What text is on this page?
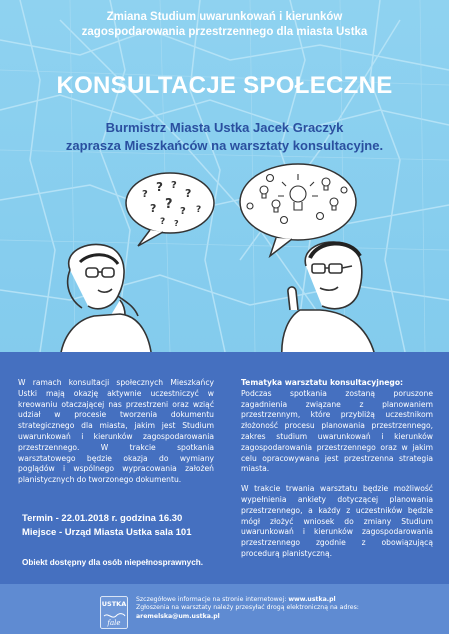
Zmiana Studium uwarunkowań i kierunków
zagospodarowania przestrzennego dla miasta Ustka
KONSULTACJE SPOŁECZNE
Burmistrz Miasta Ustka Jacek Graczyk
zaprasza Mieszkańców na warsztaty konsultacyjne.
?
? ?
?
? ? ? ?
? ?

W ramach konsultacji społecznych Mieszkańcy Ustki mają okazję aktywnie uczestniczyć w kreowaniu otaczającej nas przestrzeni oraz wziąć udział w procesie tworzenia dokumentu strategicznego dla miasta, jakim jest Studium uwarunkowań i kierunków zagospodarowania przestrzennego. W trakcie spotkania warsztatowego będzie okazja do wymiany poglądów i wspólnego wypracowania założeń planistycznych do tworzonego dokumentu.

Termin - 22.01.2018 r. godzina 16.30
Miejsce - Urząd Miasta Ustka sala 101
Obiekt dostępny dla osób niepełnosprawnych.

Tematyka warsztatu konsultacyjnego:
Podczas spotkania zostaną poruszone zagadnienia związane z planowaniem przestrzennym, które przybliżą uczestnikom złożoność procesu planowania przestrzennego, zakres studium uwarunkowań i kierunków zagospodarowania przestrzennego oraz w jakim celu opracowywana jest przestrzenna strategia miasta.

W trakcie trwania warsztatu będzie możliwość wypełnienia ankiety dotyczącej planowania przestrzennego, a każdy z uczestników będzie mógł złożyć wniosek do zmiany Studium uwarunkowań i kierunków zagospodarowania przestrzennego zgodnie z obowiązującą procedurą planistyczną.

USTKA
fale
Szczegółowe informacje na stronie internetowej: www.ustka.pl
Zgłoszenia na warsztaty należy przesyłać drogą elektroniczną na adres:
aremelska@um.ustka.pl
